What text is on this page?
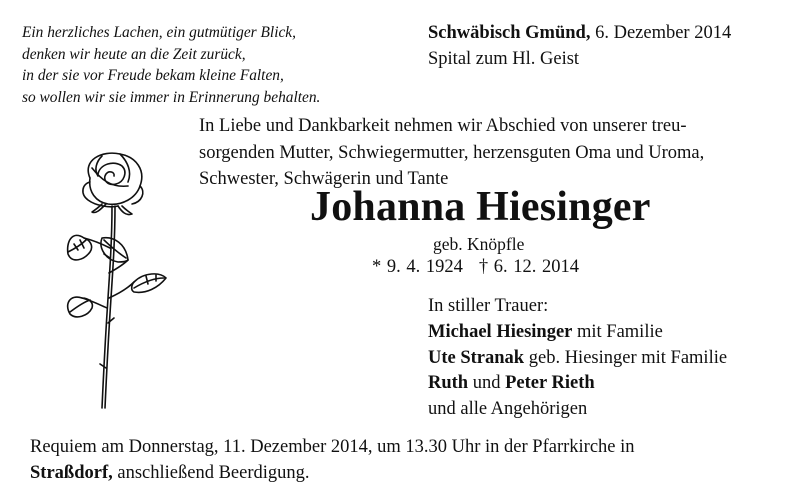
Ein herzliches Lachen, ein gutmütiger Blick,
denken wir heute an die Zeit zurück,
in der sie vor Freude bekam kleine Falten,
so wollen wir sie immer in Erinnerung behalten.
Schwäbisch Gmünd, 6. Dezember 2014
Spital zum Hl. Geist
In Liebe und Dankbarkeit nehmen wir Abschied von unserer treu-
sorgenden Mutter, Schwiegermutter, herzensguten Oma und Uroma,
Schwester, Schwägerin und Tante
Johanna Hiesinger
geb. Knöpfle
* 9. 4. 1924 † 6. 12. 2014
In stiller Trauer:
Michael Hiesinger mit Familie
Ute Stranak geb. Hiesinger mit Familie
Ruth und Peter Rieth
und alle Angehörigen
Requiem am Donnerstag, 11. Dezember 2014, um 13.30 Uhr in der Pfarrkirche in
Straßdorf, anschließend Beerdigung.
